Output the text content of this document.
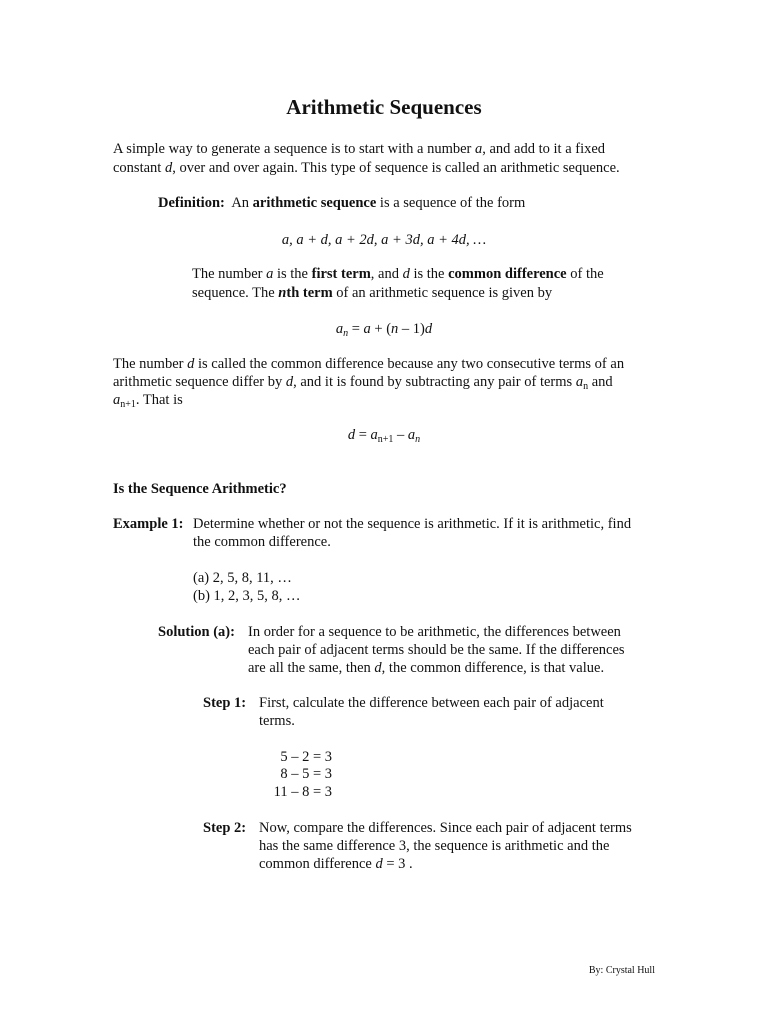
Arithmetic Sequences
A simple way to generate a sequence is to start with a number a, and add to it a fixed
constant d, over and over again. This type of sequence is called an arithmetic sequence.
Definition: An arithmetic sequence is a sequence of the form
a, a + d, a + 2d, a + 3d, a + 4d, …
The number a is the first term, and d is the common difference of the
sequence. The nth term of an arithmetic sequence is given by
$a_n = a + (n - 1)d$
The number d is called the common difference because any two consecutive terms of an
arithmetic sequence differ by d, and it is found by subtracting any pair of terms $a_n$ and
$a_{n+1}$. That is
$d = a_{n+1} - a_n$
Is the Sequence Arithmetic?
Example 1: Determine whether or not the sequence is arithmetic. If it is arithmetic, find
the common difference.
(a) 2, 5, 8, 11, …
(b) 1, 2, 3, 5, 8, …
Solution (a): In order for a sequence to be arithmetic, the differences between
each pair of adjacent terms should be the same. If the differences
are all the same, then d, the common difference, is that value.
Step 1: First, calculate the difference between each pair of adjacent
terms.
5 – 2 = 3
8 – 5 = 3
11 – 8 = 3
Step 2: Now, compare the differences. Since each pair of adjacent terms
has the same difference 3, the sequence is arithmetic and the
common difference d = 3 .
By: Crystal Hull
